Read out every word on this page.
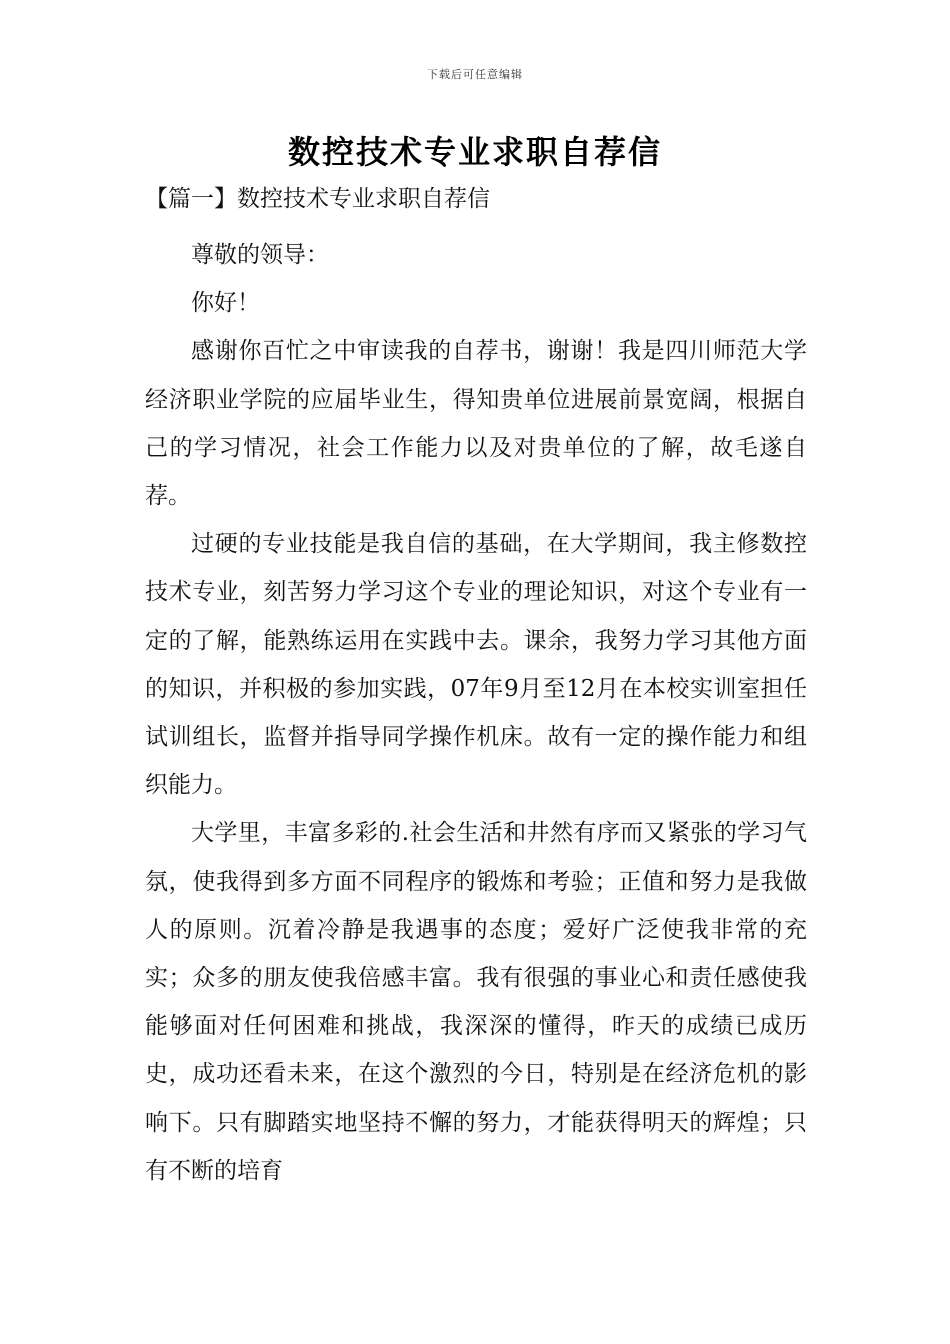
下载后可任意编辑
数控技术专业求职自荐信
【篇一】数控技术专业求职自荐信

尊敬的领导：

你好！

感谢你百忙之中审读我的自荐书，谢谢！我是四川师范大学经济职业学院的应届毕业生，得知贵单位进展前景宽阔，根据自己的学习情况，社会工作能力以及对贵单位的了解，故毛遂自荐。

过硬的专业技能是我自信的基础，在大学期间，我主修数控技术专业，刻苦努力学习这个专业的理论知识，对这个专业有一定的了解，能熟练运用在实践中去。课余，我努力学习其他方面的知识，并积极的参加实践，07年9月至12月在本校实训室担任试训组长，监督并指导同学操作机床。故有一定的操作能力和组织能力。

大学里，丰富多彩的.社会生活和井然有序而又紧张的学习气氛，使我得到多方面不同程序的锻炼和考验；正值和努力是我做人的原则。沉着冷静是我遇事的态度；爱好广泛使我非常的充实；众多的朋友使我倍感丰富。我有很强的事业心和责任感使我能够面对任何困难和挑战，我深深的懂得，昨天的成绩已成历史，成功还看未来，在这个激烈的今日，特别是在经济危机的影响下。只有脚踏实地坚持不懈的努力，才能获得明天的辉煌；只有不断的培育
